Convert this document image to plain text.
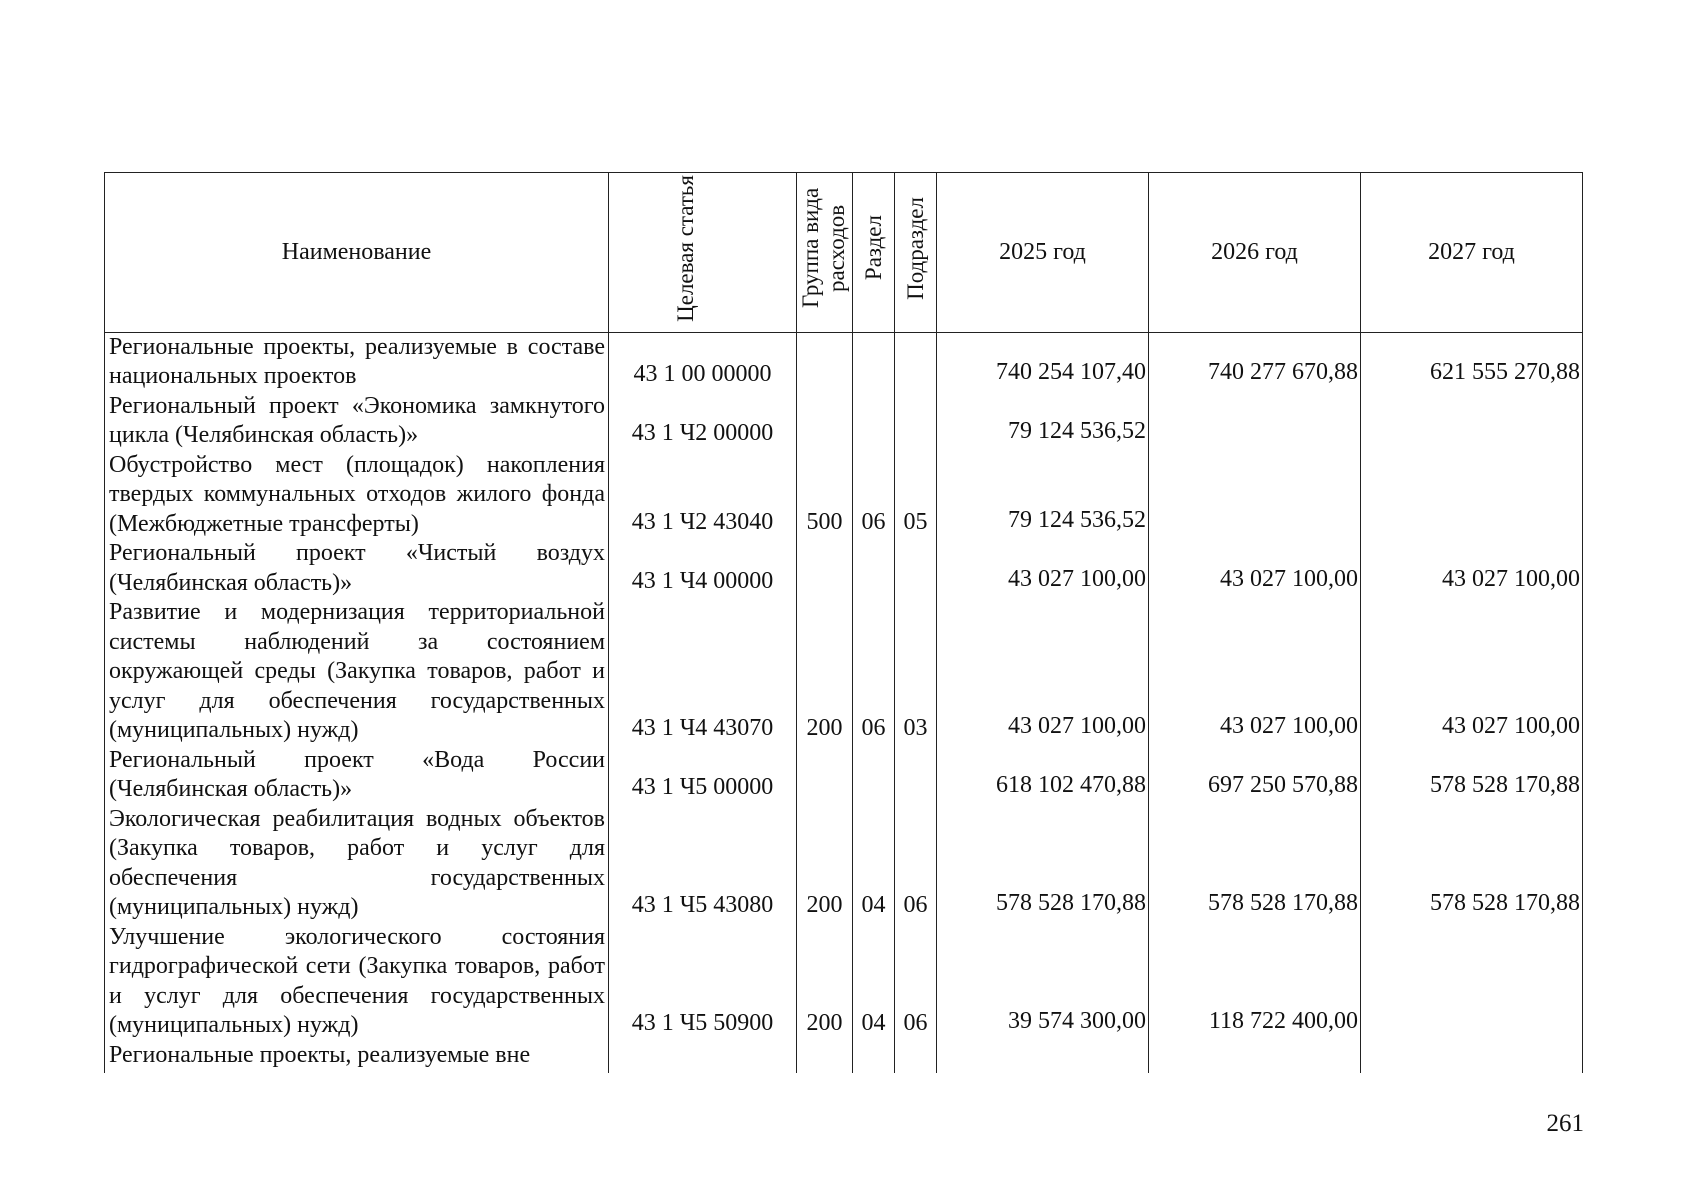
Наименование	Целевая статья	Группа вида расходов	Раздел	Подраздел	2025 год	2026 год	2027 год
Региональные проекты, реализуемые в составе национальных проектов	43 1 00 00000				740 254 107,40	740 277 670,88	621 555 270,88
Региональный проект «Экономика замкнутого цикла (Челябинская область)»	43 1 Ч2 00000				79 124 536,52		
Обустройство мест (площадок) накопления твердых коммунальных отходов жилого фонда (Межбюджетные трансферты)	43 1 Ч2 43040	500	06	05	79 124 536,52		
Региональный проект «Чистый воздух (Челябинская область)»	43 1 Ч4 00000				43 027 100,00	43 027 100,00	43 027 100,00
Развитие и модернизация территориальной системы наблюдений за состоянием окружающей среды (Закупка товаров, работ и услуг для обеспечения государственных (муниципальных) нужд)	43 1 Ч4 43070	200	06	03	43 027 100,00	43 027 100,00	43 027 100,00
Региональный проект «Вода России (Челябинская область)»	43 1 Ч5 00000				618 102 470,88	697 250 570,88	578 528 170,88
Экологическая реабилитация водных объектов (Закупка товаров, работ и услуг для обеспечения государственных (муниципальных) нужд)	43 1 Ч5 43080	200	04	06	578 528 170,88	578 528 170,88	578 528 170,88
Улучшение экологического состояния гидрографической сети (Закупка товаров, работ и услуг для обеспечения государственных (муниципальных) нужд)	43 1 Ч5 50900	200	04	06	39 574 300,00	118 722 400,00	
Региональные проекты, реализуемые вне							
261
